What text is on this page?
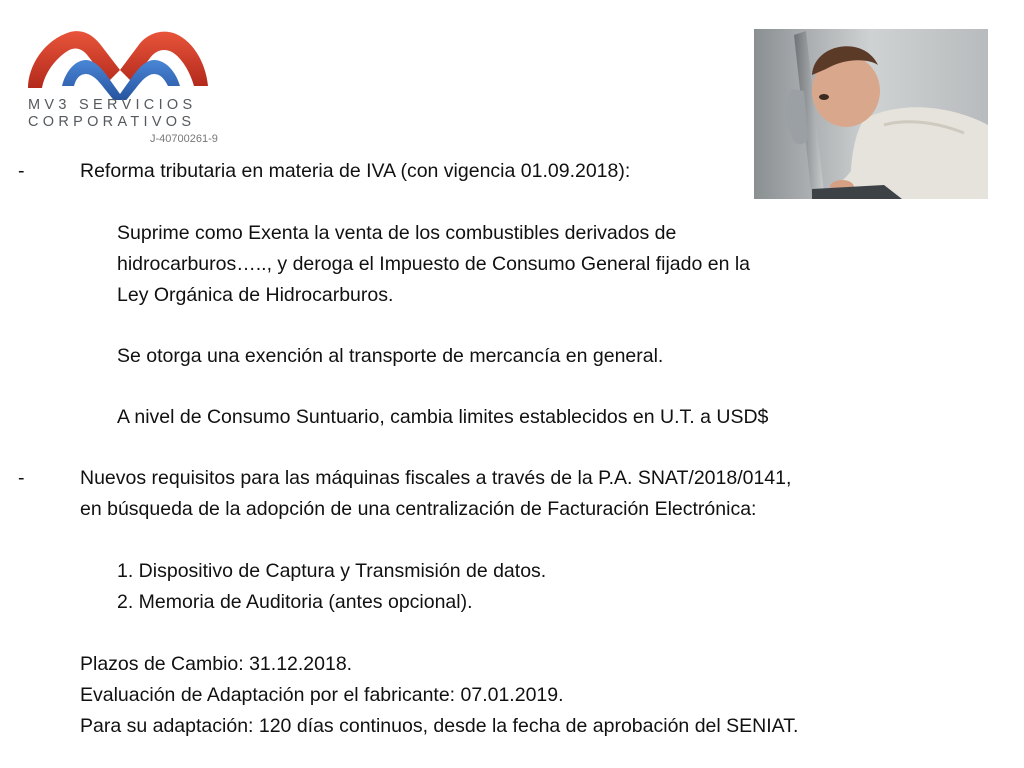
MV3 SERVICIOS
CORPORATIVOS
J-40700261-9
-	Reforma tributaria en materia de IVA (con vigencia 01.09.2018):

Suprime como Exenta la venta de los combustibles derivados de

hidrocarburos….., y deroga el Impuesto de Consumo General fijado en la

Ley Orgánica de Hidrocarburos.

Se otorga una exención al transporte de mercancía en general.

A nivel de Consumo Suntuario, cambia limites establecidos en U.T. a USD$

-	Nuevos requisitos para las máquinas fiscales a través de la P.A. SNAT/2018/0141,

en búsqueda de la adopción de una centralización de Facturación Electrónica:

1. Dispositivo de Captura y Transmisión de datos.

2. Memoria de Auditoria (antes opcional).

Plazos de Cambio: 31.12.2018.

Evaluación de Adaptación por el fabricante: 07.01.2019.

Para su adaptación: 120 días continuos, desde la fecha de aprobación del SENIAT.
